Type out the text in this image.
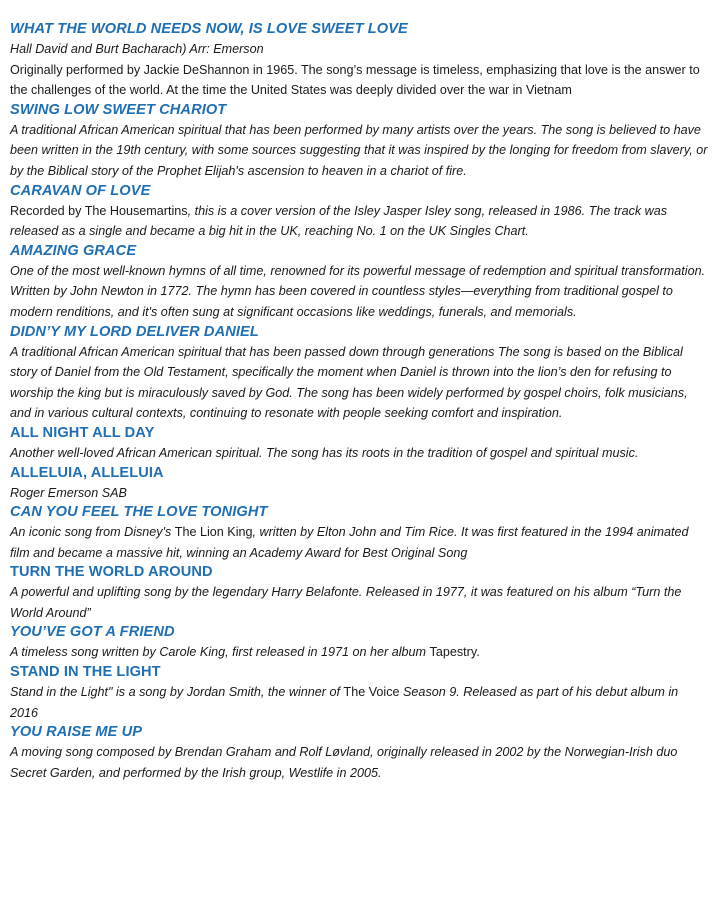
WHAT THE WORLD NEEDS NOW, IS LOVE SWEET LOVE

Hall David and Burt Bacharach) Arr: Emerson
Originally performed by Jackie DeShannon in 1965. The song’s message is timeless, emphasizing that love is the answer to the challenges of the world. At the time the United States was deeply divided over the war in Vietnam

SWING LOW SWEET CHARIOT

A traditional African American spiritual that has been performed by many artists over the years. The song is believed to have been written in the 19th century, with some sources suggesting that it was inspired by the longing for freedom from slavery, or by the Biblical story of the Prophet Elijah's ascension to heaven in a chariot of fire.

CARAVAN OF LOVE

Recorded by The Housemartins, this is a cover version of the Isley Jasper Isley song, released in 1986. The track was released as a single and became a big hit in the UK, reaching No. 1 on the UK Singles Chart.

AMAZING GRACE

One of the most well-known hymns of all time, renowned for its powerful message of redemption and spiritual transformation. Written by John Newton in 1772. The hymn has been covered in countless styles—everything from traditional gospel to modern renditions, and it's often sung at significant occasions like weddings, funerals, and memorials.

DIDN’Y MY LORD DELIVER DANIEL

A traditional African American spiritual that has been passed down through generations The song is based on the Biblical story of Daniel from the Old Testament, specifically the moment when Daniel is thrown into the lion’s den for refusing to worship the king but is miraculously saved by God. The song has been widely performed by gospel choirs, folk musicians, and in various cultural contexts, continuing to resonate with people seeking comfort and inspiration.

ALL NIGHT ALL DAY

Another well-loved African American spiritual. The song has its roots in the tradition of gospel and spiritual music.

ALLELUIA, ALLELUIA

Roger Emerson SAB

CAN YOU FEEL THE LOVE TONIGHT

An iconic song from Disney's The Lion King, written by Elton John and Tim Rice. It was first featured in the 1994 animated film and became a massive hit, winning an Academy Award for Best Original Song

TURN THE WORLD AROUND

A powerful and uplifting song by the legendary Harry Belafonte. Released in 1977, it was featured on his album “Turn the World Around”

YOU’VE GOT A FRIEND

A timeless song written by Carole King, first released in 1971 on her album Tapestry.

STAND IN THE LIGHT

Stand in the Light" is a song by Jordan Smith, the winner of The Voice Season 9. Released as part of his debut album in 2016

YOU RAISE ME UP

A moving song composed by Brendan Graham and Rolf Løvland, originally released in 2002 by the Norwegian-Irish duo Secret Garden, and performed by the Irish group, Westlife in 2005.
